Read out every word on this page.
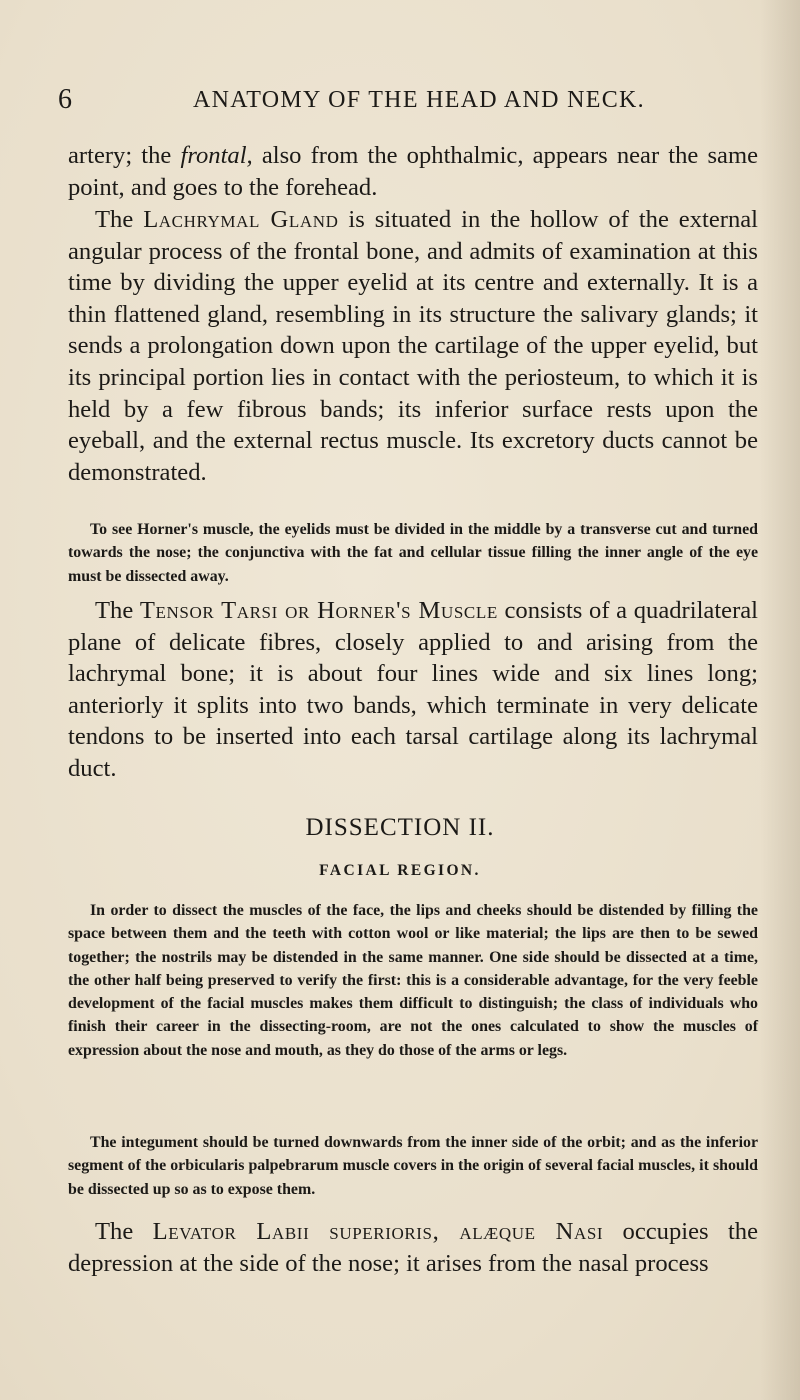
6	ANATOMY OF THE HEAD AND NECK.

artery; the frontal, also from the ophthalmic, appears near the same point, and goes to the forehead.

The Lachrymal Gland is situated in the hollow of the external angular process of the frontal bone, and admits of examination at this time by dividing the upper eyelid at its centre and externally. It is a thin flattened gland, resembling in its structure the salivary glands; it sends a prolongation down upon the cartilage of the upper eyelid, but its principal portion lies in contact with the periosteum, to which it is held by a few fibrous bands; its inferior surface rests upon the eyeball, and the external rectus muscle. Its excretory ducts cannot be demonstrated.

To see Horner's muscle, the eyelids must be divided in the middle by a transverse cut and turned towards the nose; the conjunctiva with the fat and cellular tissue filling the inner angle of the eye must be dissected away.

The Tensor Tarsi or Horner's Muscle consists of a quadrilateral plane of delicate fibres, closely applied to and arising from the lachrymal bone; it is about four lines wide and six lines long; anteriorly it splits into two bands, which terminate in very delicate tendons to be inserted into each tarsal cartilage along its lachrymal duct.

DISSECTION II.
FACIAL REGION.

In order to dissect the muscles of the face, the lips and cheeks should be distended by filling the space between them and the teeth with cotton wool or like material; the lips are then to be sewed together; the nostrils may be distended in the same manner. One side should be dissected at a time, the other half being preserved to verify the first: this is a considerable advantage, for the very feeble development of the facial muscles makes them difficult to distinguish; the class of individuals who finish their career in the dissecting-room, are not the ones calculated to show the muscles of expression about the nose and mouth, as they do those of the arms or legs.

The integument should be turned downwards from the inner side of the orbit; and as the inferior segment of the orbicularis palpebrarum muscle covers in the origin of several facial muscles, it should be dissected up so as to expose them.

The Levator Labii superioris, alæque Nasi occupies the depression at the side of the nose; it arises from the nasal process
